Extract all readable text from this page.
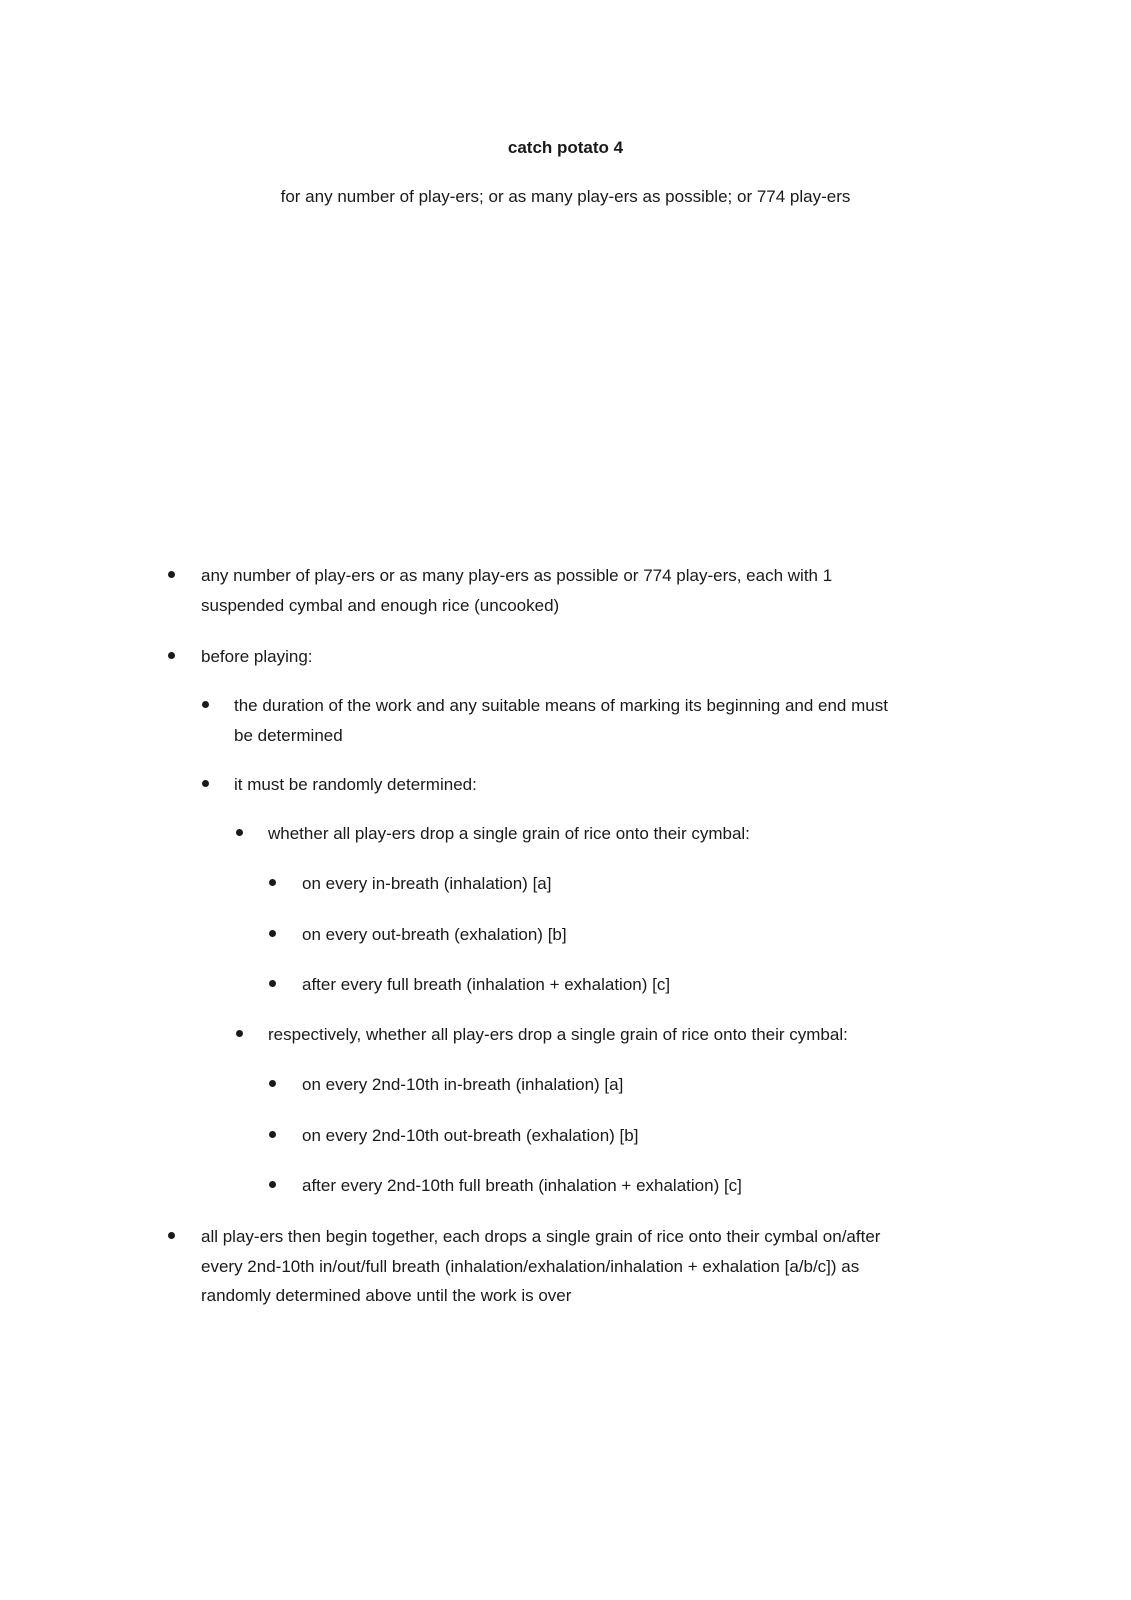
catch potato 4
for any number of play-ers; or as many play-ers as possible; or 774 play-ers
any number of play-ers or as many play-ers as possible or 774 play-ers, each with 1
suspended cymbal and enough rice (uncooked)
before playing:
the duration of the work and any suitable means of marking its beginning and end must
be determined
it must be randomly determined:
whether all play-ers drop a single grain of rice onto their cymbal:
on every in-breath (inhalation) [a]
on every out-breath (exhalation) [b]
after every full breath (inhalation + exhalation) [c]
respectively, whether all play-ers drop a single grain of rice onto their cymbal:
on every 2nd-10th in-breath (inhalation) [a]
on every 2nd-10th out-breath (exhalation) [b]
after every 2nd-10th full breath (inhalation + exhalation) [c]
all play-ers then begin together, each drops a single grain of rice onto their cymbal on/after
every 2nd-10th in/out/full breath (inhalation/exhalation/inhalation + exhalation [a/b/c]) as
randomly determined above until the work is over
